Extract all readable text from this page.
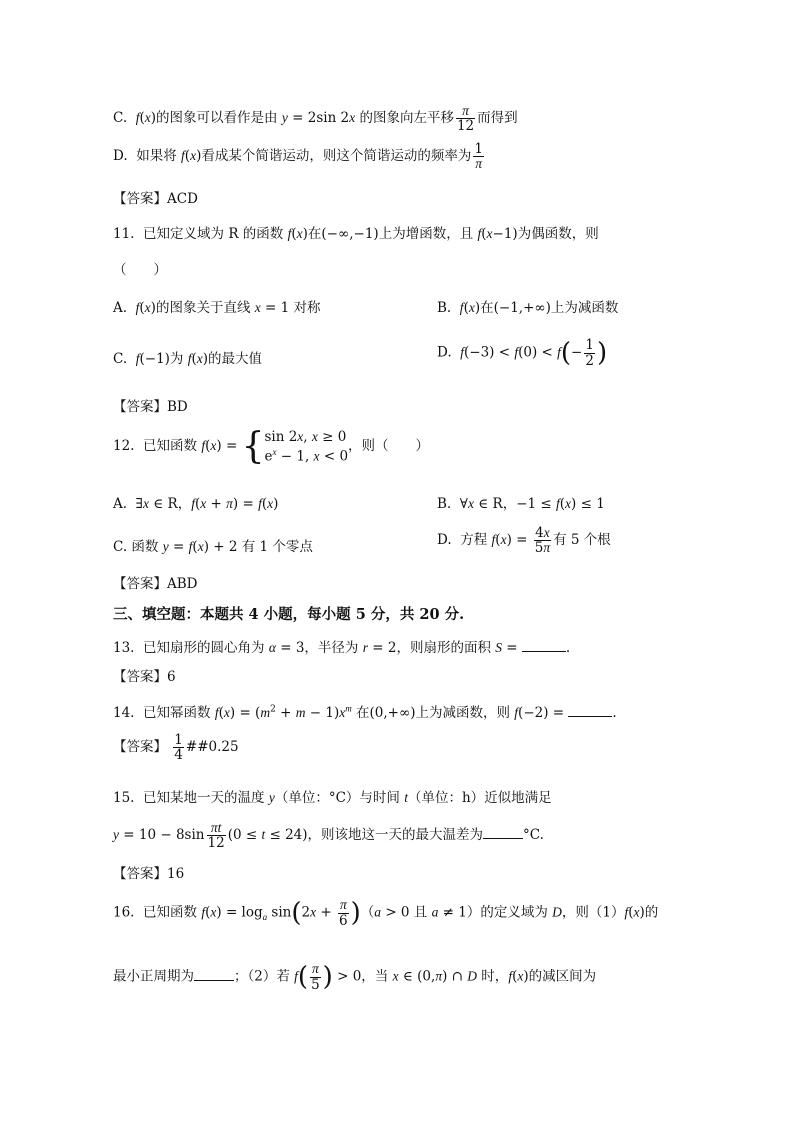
C.  f(x)的图象可以看作是由 y = 2sin 2x 的图象向左平移 $\frac{\pi}{12}$ 而得到
D.  如果将 f(x)看成某个简谐运动，则这个简谐运动的频率为 $\frac{1}{\pi}$
【答案】ACD
11.  已知定义域为 R 的函数 f(x)在(−∞,−1)上为增函数，且 f(x−1)为偶函数，则
（　　）
A.  f(x)的图象关于直线 x = 1 对称	B.  f(x)在(−1,+∞)上为减函数
C.  f(−1)为 f(x)的最大值	D.  $f(-3) < f(0) < f(- \frac{1}{2}$ )
【答案】BD
12.  已知函数 f(x) = { sin 2x, x ≥ 0
$e^x - 1$, x < 0
，则（　　）
A.  ∃x ∈ R，f(x + π) = f(x)	B.  ∀x ∈ R，−1 ≤ f(x) ≤ 1
C. 函数 y = f(x) + 2 有 1 个零点	D.  方程 $f(x) = \frac{4x}{5\pi}$ 有 5 个根
【答案】ABD
三、填空题：本题共 4 小题，每小题 5 分，共 20 分.
13.  已知扇形的圆心角为 α = 3，半径为 r = 2，则扇形的面积 S =	.
【答案】6
14.  已知幂函数 $f(x) = (m^2 + m - 1)x^m$ 在(0,+∞)上为减函数，则 f(−2) =	.
【答案】 $\frac{1}{4}$ ##0.25
15.  已知某地一天的温度 y（单位：°C）与时间 t（单位：h）近似地满足
$y = 10 - 8\sin \frac{\pi t}{12} (0 \le t \le 24)$，则该地这一天的最大温差为	°C.
【答案】16
16.  已知函数 $f(x) = \log_a \sin(2x + \frac{\pi}{6} )(a > 0$ 且 a ≠ 1）的定义域为 D，则（1）f(x)的
最小正周期为	；（2）若 $f( \frac{\pi}{5}$ ) > 0，当 x ∈ (0,π) ∩ D 时，f(x)的减区间为
